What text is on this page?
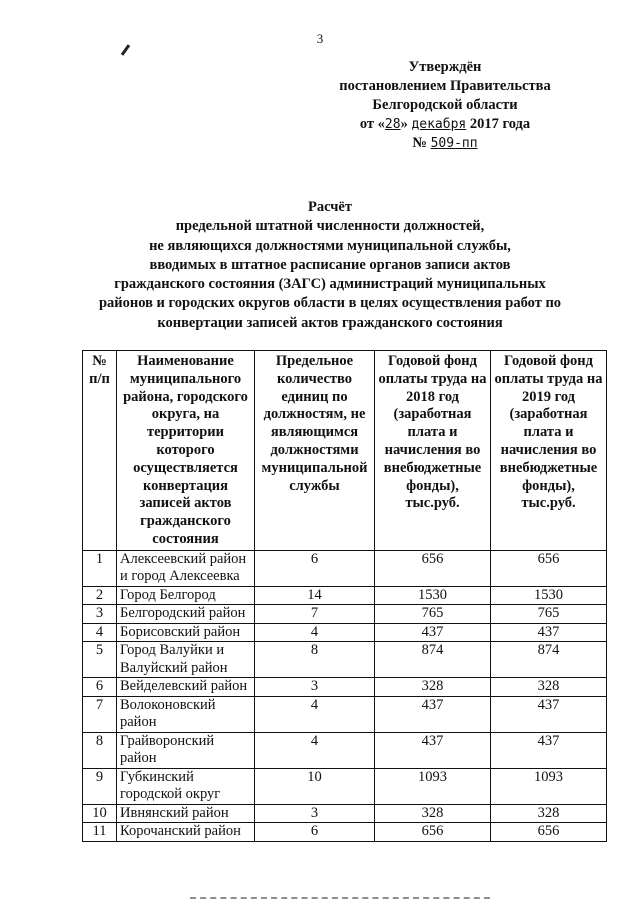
3
Утверждён
постановлением Правительства
Белгородской области
от «28» декабря 2017 года
№ 509-пп
Расчёт
предельной штатной численности должностей,
не являющихся должностями муниципальной службы,
вводимых в штатное расписание органов записи актов
гражданского состояния (ЗАГС) администраций муниципальных
районов и городских округов области в целях осуществления работ по
конвертации записей актов гражданского состояния
№ п/п	Наименование муниципального района, городского округа, на территории которого осуществляется конвертация записей актов гражданского состояния	Предельное количество единиц по должностям, не являющимся должностями муниципальной службы	Годовой фонд оплаты труда на 2018 год (заработная плата и начисления во внебюджетные фонды), тыс.руб.	Годовой фонд оплаты труда на 2019 год (заработная плата и начисления во внебюджетные фонды), тыс.руб.
1	Алексеевский район и город Алексеевка	6	656	656
2	Город Белгород	14	1530	1530
3	Белгородский район	7	765	765
4	Борисовский район	4	437	437
5	Город Валуйки и Валуйский район	8	874	874
6	Вейделевский район	3	328	328
7	Волоконовский район	4	437	437
8	Грайворонский район	4	437	437
9	Губкинский городской округ	10	1093	1093
10	Ивнянский район	3	328	328
11	Корочанский район	6	656	656
